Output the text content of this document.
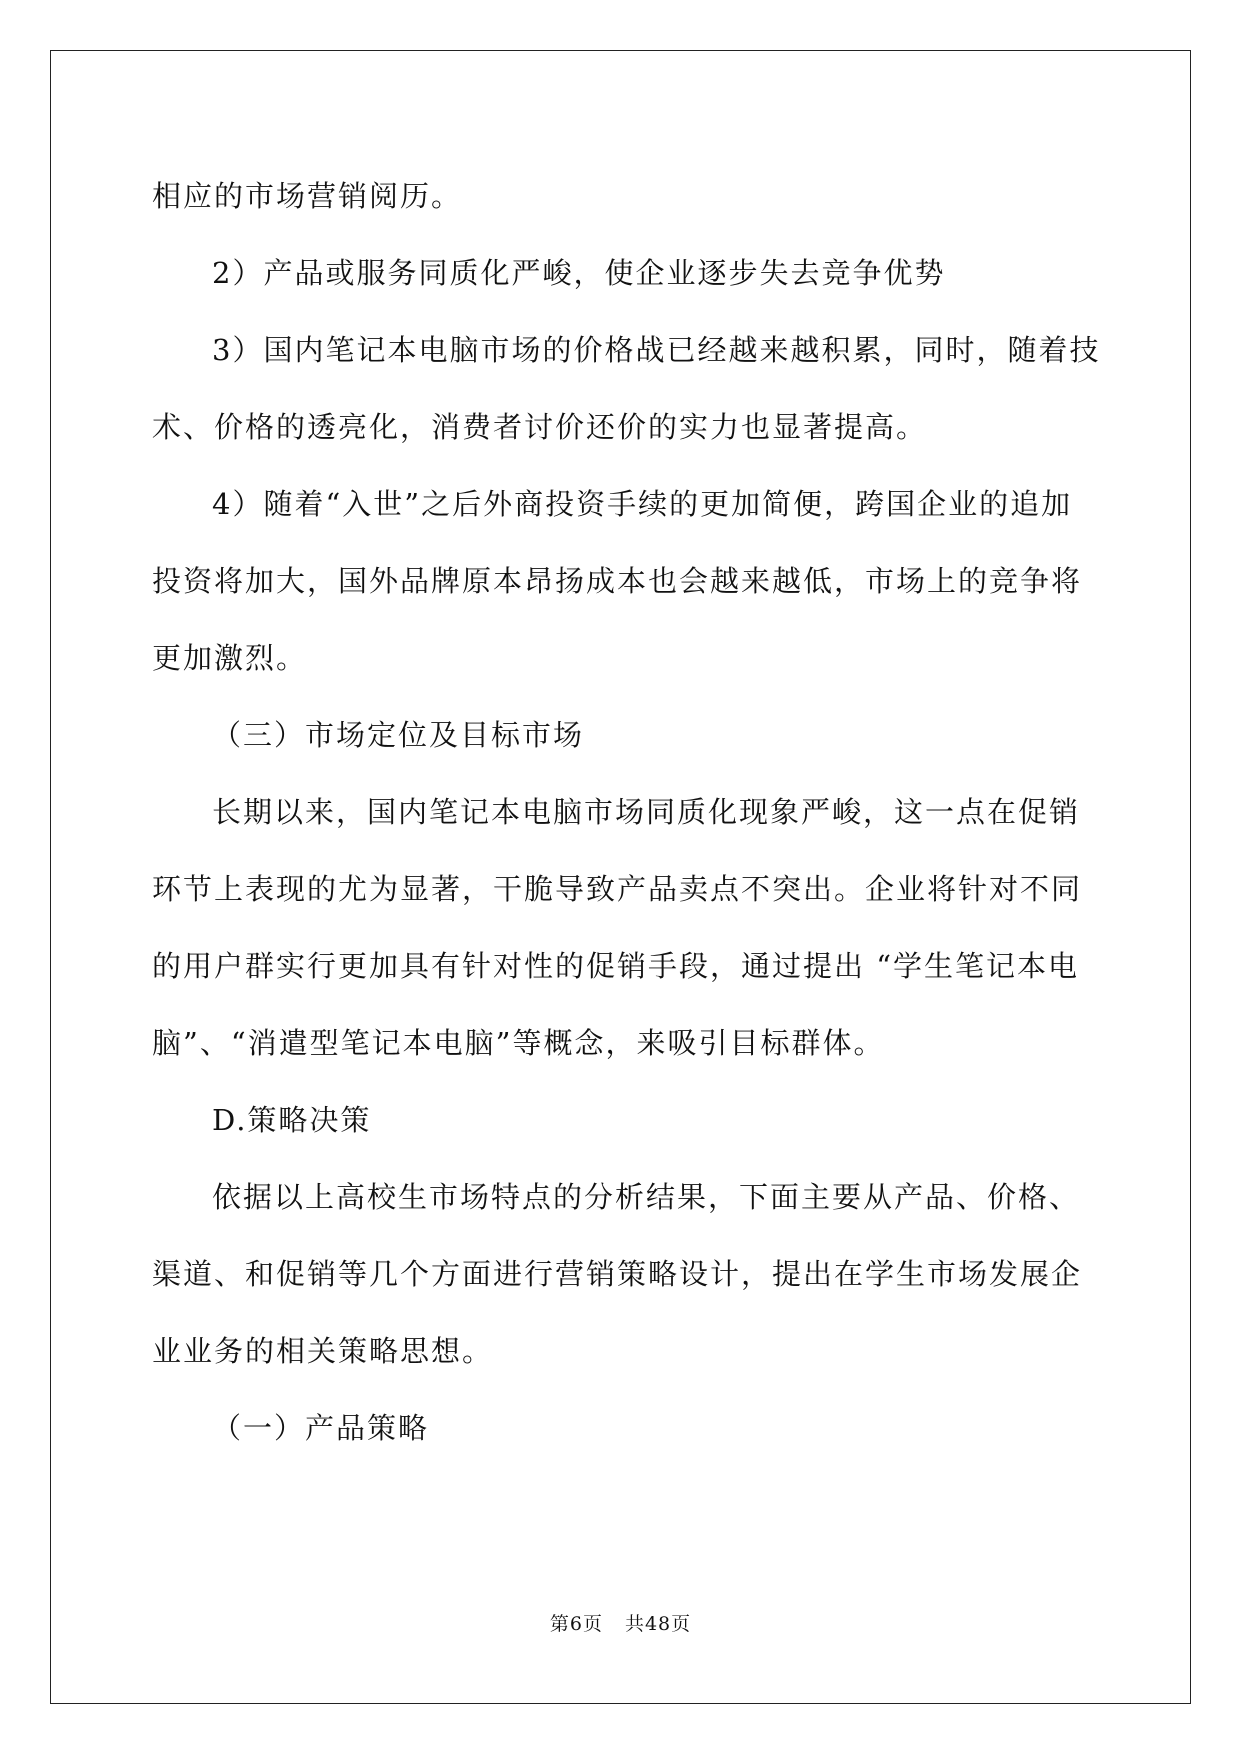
相应的市场营销阅历。
2）产品或服务同质化严峻，使企业逐步失去竞争优势
3）国内笔记本电脑市场的价格战已经越来越积累，同时，随着技
术、价格的透亮化，消费者讨价还价的实力也显著提高。
4）随着“入世”之后外商投资手续的更加简便，跨国企业的追加
投资将加大，国外品牌原本昂扬成本也会越来越低，市场上的竞争将
更加激烈。
（三）市场定位及目标市场
长期以来，国内笔记本电脑市场同质化现象严峻，这一点在促销
环节上表现的尤为显著，干脆导致产品卖点不突出。企业将针对不同
的用户群实行更加具有针对性的促销手段，通过提出 “学生笔记本电
脑”、“消遣型笔记本电脑”等概念，来吸引目标群体。
D.策略决策
依据以上高校生市场特点的分析结果，下面主要从产品、价格、
渠道、和促销等几个方面进行营销策略设计，提出在学生市场发展企
业业务的相关策略思想。
（一）产品策略
第6页 共48页
